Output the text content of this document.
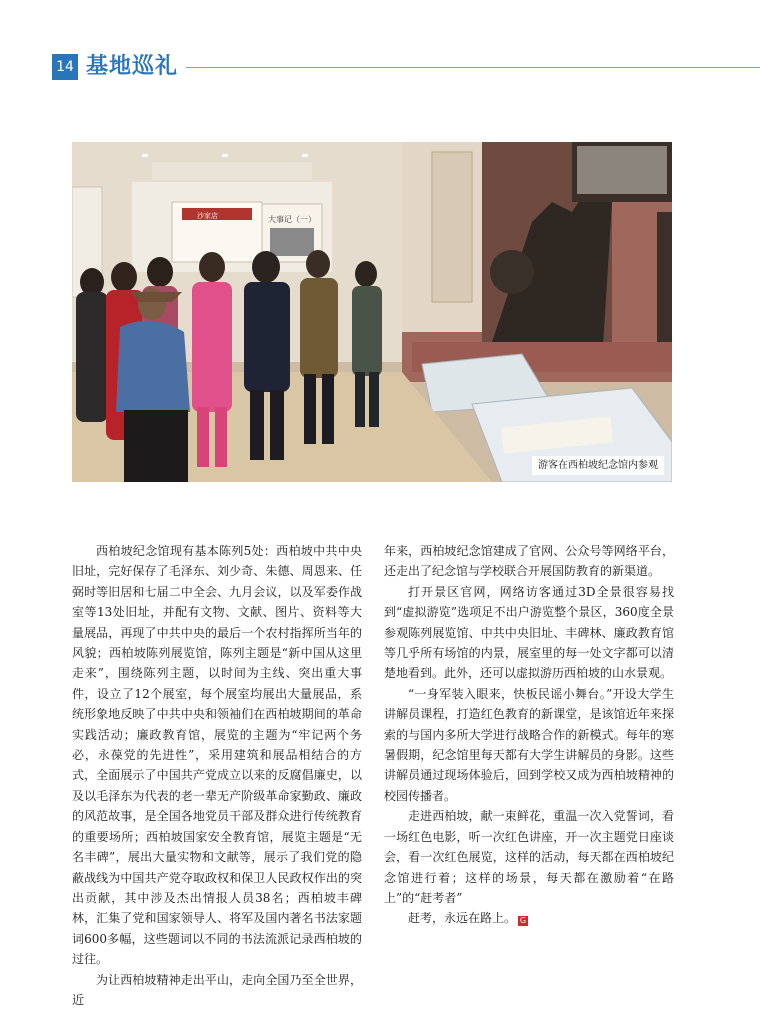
14 基地巡礼
沙家店	大事记（一）
游客在西柏坡纪念馆内参观

西柏坡纪念馆现有基本陈列5处：西柏坡中共中央旧址，完好保存了毛泽东、刘少奇、朱德、周恩来、任弼时等旧居和七届二中全会、九月会议，以及军委作战室等13处旧址，并配有文物、文献、图片、资料等大量展品，再现了中共中央的最后一个农村指挥所当年的风貌；西柏坡陈列展览馆，陈列主题是“新中国从这里走来”，围绕陈列主题，以时间为主线、突出重大事件，设立了12个展室，每个展室均展出大量展品，系统形象地反映了中共中央和领袖们在西柏坡期间的革命实践活动；廉政教育馆，展览的主题为“牢记两个务必，永葆党的先进性”，采用建筑和展品相结合的方式，全面展示了中国共产党成立以来的反腐倡廉史，以及以毛泽东为代表的老一辈无产阶级革命家勤政、廉政的风范故事，是全国各地党员干部及群众进行传统教育的重要场所；西柏坡国家安全教育馆，展览主题是“无名丰碑”，展出大量实物和文献等，展示了我们党的隐蔽战线为中国共产党夺取政权和保卫人民政权作出的突出贡献，其中涉及杰出情报人员38名；西柏坡丰碑林，汇集了党和国家领导人、将军及国内著名书法家题词600多幅，这些题词以不同的书法流派记录西柏坡的过往。

为让西柏坡精神走出平山，走向全国乃至全世界，近

年来，西柏坡纪念馆建成了官网、公众号等网络平台，还走出了纪念馆与学校联合开展国防教育的新渠道。

打开景区官网，网络访客通过3D全景很容易找到“虚拟游览”选项足不出户游览整个景区，360度全景参观陈列展览馆、中共中央旧址、丰碑林、廉政教育馆等几乎所有场馆的内景，展室里的每一处文字都可以清楚地看到。此外，还可以虚拟游历西柏坡的山水景观。

“一身军装入眼来，快板民谣小舞台。”开设大学生讲解员课程，打造红色教育的新课堂，是该馆近年来探索的与国内多所大学进行战略合作的新模式。每年的寒暑假期，纪念馆里每天都有大学生讲解员的身影。这些讲解员通过现场体验后，回到学校又成为西柏坡精神的校园传播者。

走进西柏坡，献一束鲜花，重温一次入党誓词，看一场红色电影，听一次红色讲座，开一次主题党日座谈会，看一次红色展览，这样的活动，每天都在西柏坡纪念馆进行着；这样的场景，每天都在激励着“在路上”的“赶考者”

赶考，永远在路上。 G
